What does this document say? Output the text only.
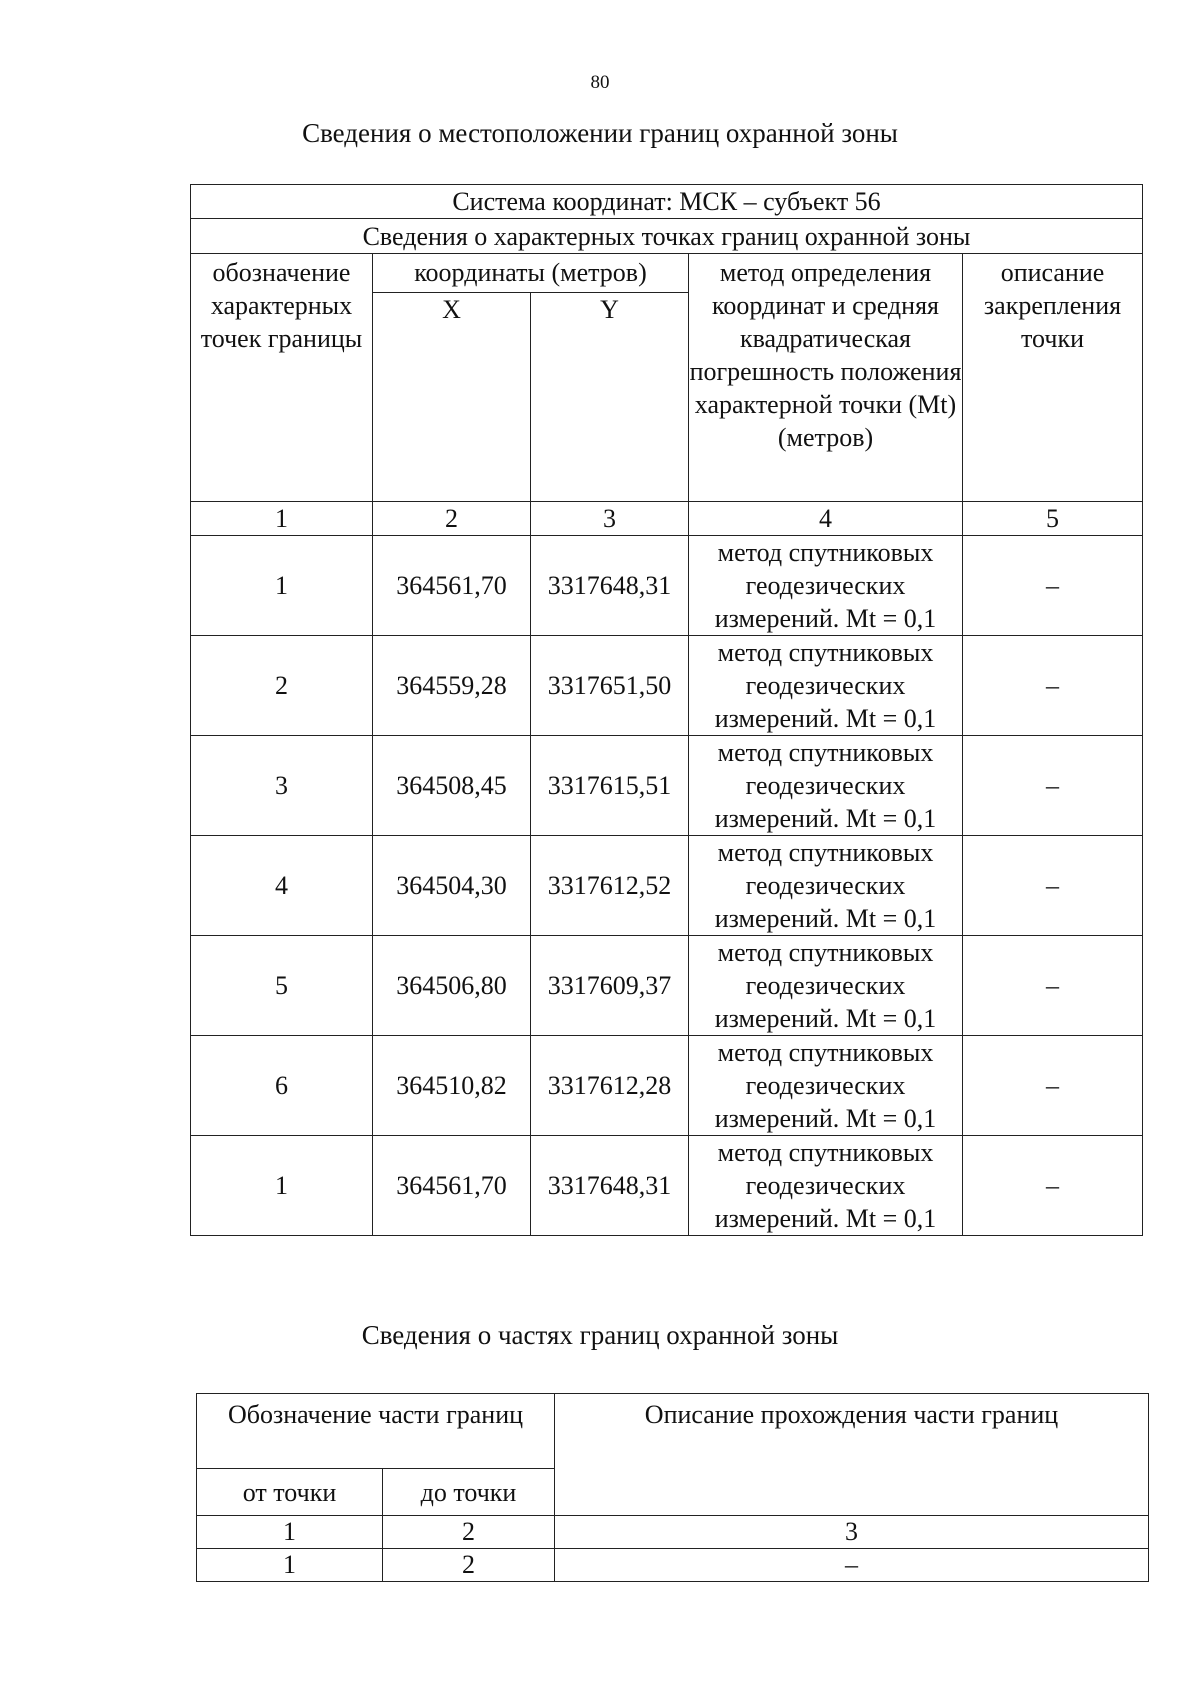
80
Сведения о местоположении границ охранной зоны
Система координат: МСК – субъект 56				
Сведения о характерных точках границ охранной зоны				
обозначение характерных точек границы	координаты (метров)		метод определения координат и средняя квадратическая погрешность положения характерной точки (Mt) (метров)	описание закрепления точки
	X	Y		
1	2	3	4	5
1	364561,70	3317648,31	метод спутниковых геодезических измерений. Mt = 0,1	–
2	364559,28	3317651,50	метод спутниковых геодезических измерений. Mt = 0,1	–
3	364508,45	3317615,51	метод спутниковых геодезических измерений. Mt = 0,1	–
4	364504,30	3317612,52	метод спутниковых геодезических измерений. Mt = 0,1	–
5	364506,80	3317609,37	метод спутниковых геодезических измерений. Mt = 0,1	–
6	364510,82	3317612,28	метод спутниковых геодезических измерений. Mt = 0,1	–
1	364561,70	3317648,31	метод спутниковых геодезических измерений. Mt = 0,1	–
Сведения о частях границ охранной зоны
Обозначение части границ		Описание прохождения части границ
от точки	до точки	
1	2	3
1	2	–
